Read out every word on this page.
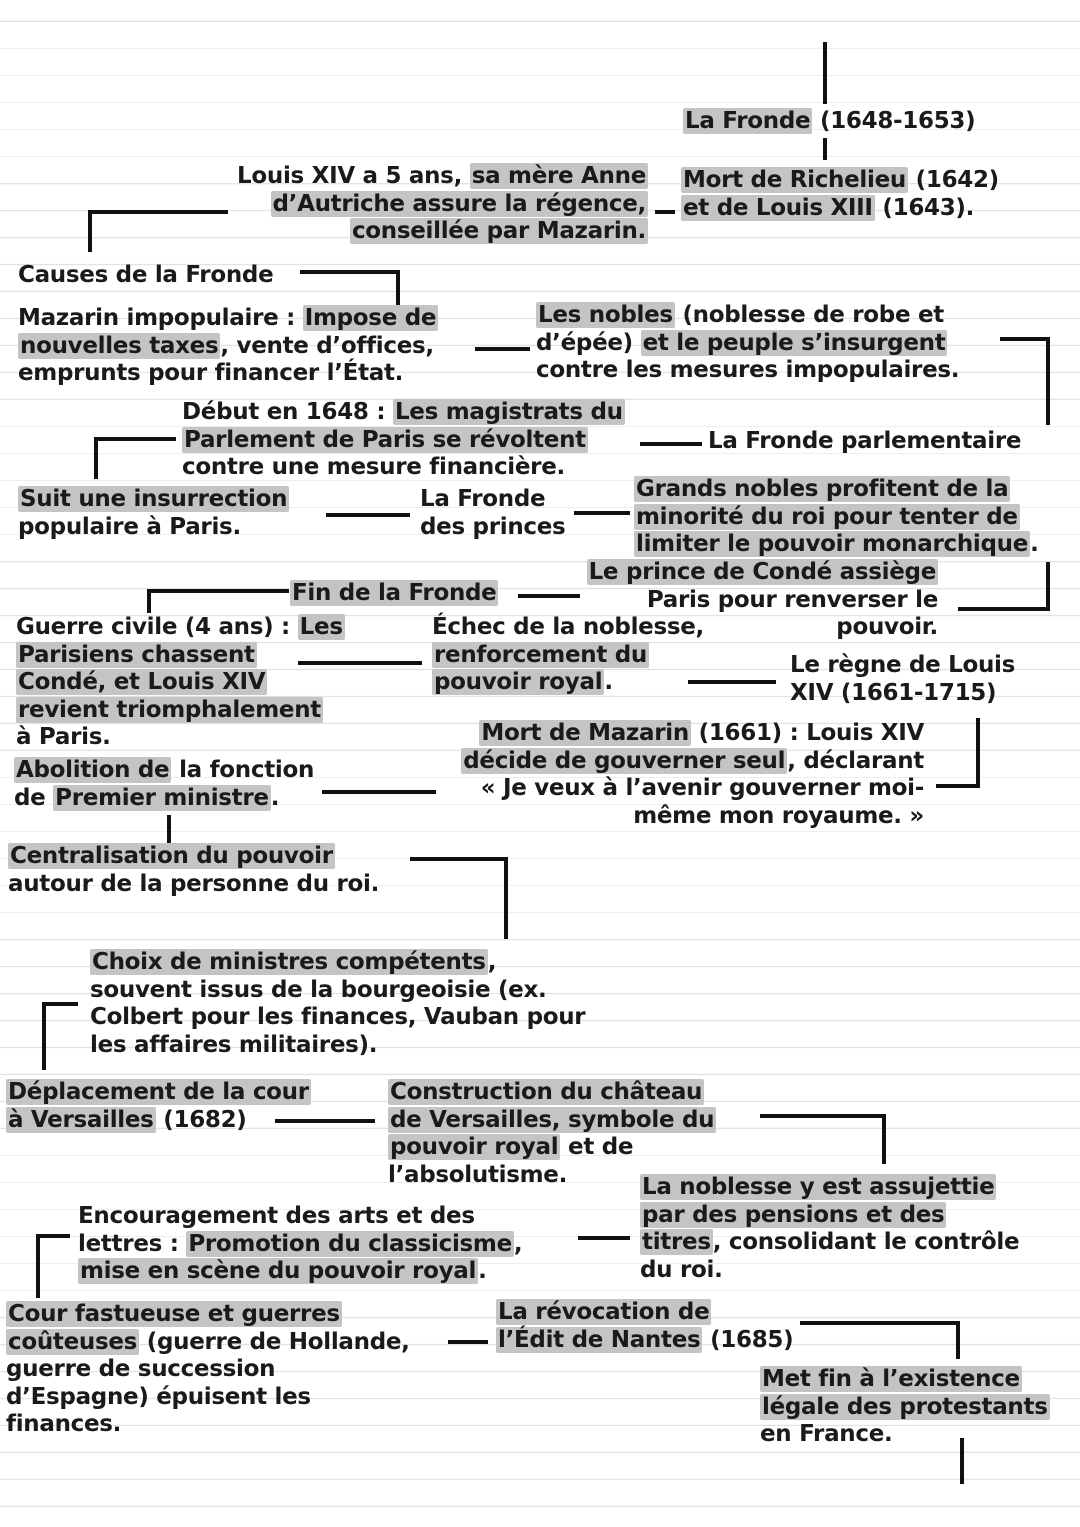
La Fronde (1648-1653)

Louis XIV a 5 ans, sa mère Anne
d’Autriche assure la régence,
conseillée par Mazarin.

Mort de Richelieu (1642)
et de Louis XIII (1643).

Causes de la Fronde

Mazarin impopulaire : Impose de
nouvelles taxes, vente d’offices,
emprunts pour financer l’État.

Les nobles (noblesse de robe et
d’épée) et le peuple s’insurgent
contre les mesures impopulaires.

Début en 1648 : Les magistrats du
Parlement de Paris se révoltent
contre une mesure financière.

La Fronde parlementaire

Suit une insurrection
populaire à Paris.

La Fronde
des princes

Grands nobles profitent de la
minorité du roi pour tenter de
limiter le pouvoir monarchique.

Le prince de Condé assiège
Paris pour renverser le
pouvoir.

Fin de la Fronde

Guerre civile (4 ans) : Les
Parisiens chassent
Condé, et Louis XIV
revient triomphalement
à Paris.

Échec de la noblesse,
renforcement du
pouvoir royal.

Le règne de Louis
XIV (1661-1715)

Mort de Mazarin (1661) : Louis XIV
décide de gouverner seul, déclarant
« Je veux à l’avenir gouverner moi-
même mon royaume. »

Abolition de la fonction
de Premier ministre.

Centralisation du pouvoir
autour de la personne du roi.

Choix de ministres compétents,
souvent issus de la bourgeoisie (ex.
Colbert pour les finances, Vauban pour
les affaires militaires).

Déplacement de la cour
à Versailles (1682)

Construction du château
de Versailles, symbole du
pouvoir royal et de
l’absolutisme.	La noblesse y est assujettie
par des pensions et des
titres, consolidant le contrôle
du roi.

Encouragement des arts et des
lettres : Promotion du classicisme,
mise en scène du pouvoir royal.

Cour fastueuse et guerres
coûteuses (guerre de Hollande,
guerre de succession
d’Espagne) épuisent les
finances.

La révocation de
l’Édit de Nantes (1685)

Met fin à l’existence
légale des protestants
en France.
